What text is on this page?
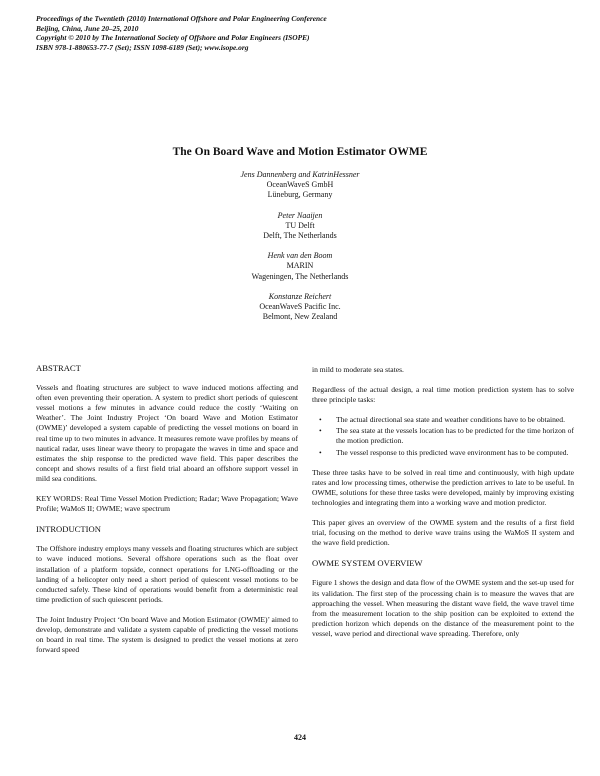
Proceedings of the Twentieth (2010) International Offshore and Polar Engineering Conference
Beijing, China, June 20–25, 2010
Copyright © 2010 by The International Society of Offshore and Polar Engineers (ISOPE)
ISBN 978-1-880653-77-7 (Set); ISSN 1098-6189 (Set); www.isope.org
The On Board Wave and Motion Estimator OWME
Jens Dannenberg and KatrinHessner
OceanWaveS GmbH
Lüneburg, Germany
Peter Naaijen
TU Delft
Delft, The Netherlands
Henk van den Boom
MARIN
Wageningen, The Netherlands
Konstanze Reichert
OceanWaveS Pacific Inc.
Belmont, New Zealand
ABSTRACT

Vessels and floating structures are subject to wave induced motions affecting and often even preventing their operation. A system to predict short periods of quiescent vessel motions a few minutes in advance could reduce the costly ‘Waiting on Weather’. The Joint Industry Project ‘On board Wave and Motion Estimator (OWME)’ developed a system capable of predicting the vessel motions on board in real time up to two minutes in advance. It measures remote wave profiles by means of nautical radar, uses linear wave theory to propagate the waves in time and space and estimates the ship response to the predicted wave field. This paper describes the concept and shows results of a first field trial aboard an offshore support vessel in mild sea conditions.

KEY WORDS: Real Time Vessel Motion Prediction; Radar; Wave Propagation; Wave Profile; WaMoS II; OWME; wave spectrum

INTRODUCTION

The Offshore industry employs many vessels and floating structures which are subject to wave induced motions. Several offshore operations such as the float over installation of a platform topside, connect operations for LNG-offloading or the landing of a helicopter only need a short period of quiescent vessel motions to be conducted safely. These kind of operations would benefit from a deterministic real time prediction of such quiescent periods.

The Joint Industry Project ‘On board Wave and Motion Estimator (OWME)’ aimed to develop, demonstrate and validate a system capable of predicting the vessel motions on board in real time. The system is designed to predict the vessel motions at zero forward speed

in mild to moderate sea states.

Regardless of the actual design, a real time motion prediction system has to solve three principle tasks:

• The actual directional sea state and weather conditions have to be obtained.
• The sea state at the vessels location has to be predicted for the time horizon of the motion prediction.
• The vessel response to this predicted wave environment has to be computed.

These three tasks have to be solved in real time and continuously, with high update rates and low processing times, otherwise the prediction arrives to late to be useful. In OWME, solutions for these three tasks were developed, mainly by improving existing technologies and integrating them into a working wave and motion predictor.

This paper gives an overview of the OWME system and the results of a first field trial, focusing on the method to derive wave trains using the WaMoS II system and the wave field prediction.

OWME SYSTEM OVERVIEW

Figure 1 shows the design and data flow of the OWME system and the set-up used for its validation. The first step of the processing chain is to measure the waves that are approaching the vessel. When measuring the distant wave field, the wave travel time from the measurement location to the ship position can be exploited to extend the prediction horizon which depends on the distance of the measurement point to the vessel, wave period and directional wave spreading. Therefore, only

424
